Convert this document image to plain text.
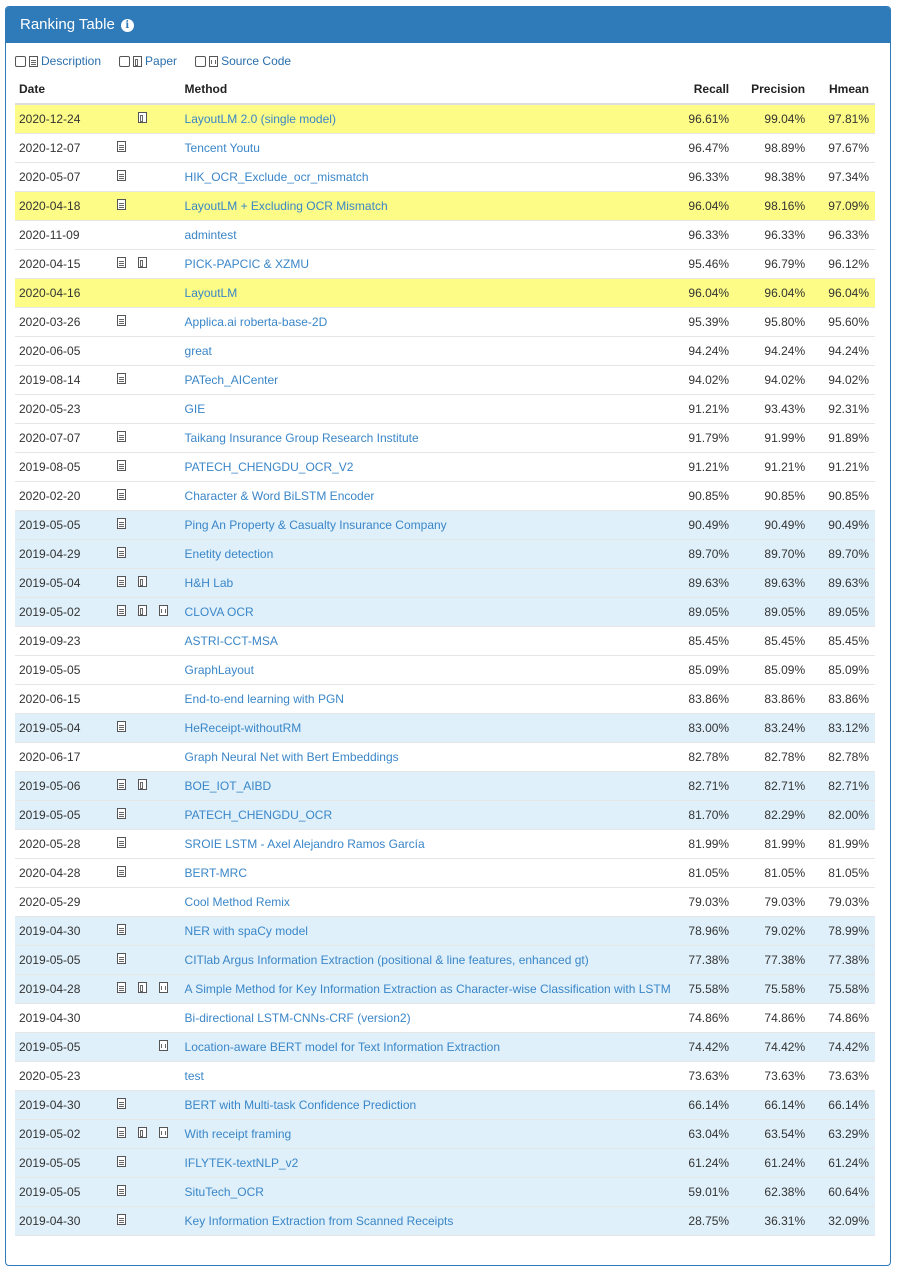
Ranking Table	i
Description	Paper	Source Code
Date		Method	Recall	Precision	Hmean
2020-12-24		LayoutLM 2.0 (single model)	96.61%	99.04%	97.81%
2020-12-07		Tencent Youtu	96.47%	98.89%	97.67%
2020-05-07		HIK_OCR_Exclude_ocr_mismatch	96.33%	98.38%	97.34%
2020-04-18		LayoutLM + Excluding OCR Mismatch	96.04%	98.16%	97.09%
2020-11-09		admintest	96.33%	96.33%	96.33%
2020-04-15		PICK-PAPCIC & XZMU	95.46%	96.79%	96.12%
2020-04-16		LayoutLM	96.04%	96.04%	96.04%
2020-03-26		Applica.ai roberta-base-2D	95.39%	95.80%	95.60%
2020-06-05		great	94.24%	94.24%	94.24%
2019-08-14		PATech_AICenter	94.02%	94.02%	94.02%
2020-05-23		GIE	91.21%	93.43%	92.31%
2020-07-07		Taikang Insurance Group Research Institute	91.79%	91.99%	91.89%
2019-08-05		PATECH_CHENGDU_OCR_V2	91.21%	91.21%	91.21%
2020-02-20		Character & Word BiLSTM Encoder	90.85%	90.85%	90.85%
2019-05-05		Ping An Property & Casualty Insurance Company	90.49%	90.49%	90.49%
2019-04-29		Enetity detection	89.70%	89.70%	89.70%
2019-05-04		H&H Lab	89.63%	89.63%	89.63%
2019-05-02		CLOVA OCR	89.05%	89.05%	89.05%
2019-09-23		ASTRI-CCT-MSA	85.45%	85.45%	85.45%
2019-05-05		GraphLayout	85.09%	85.09%	85.09%
2020-06-15		End-to-end learning with PGN	83.86%	83.86%	83.86%
2019-05-04		HeReceipt-withoutRM	83.00%	83.24%	83.12%
2020-06-17		Graph Neural Net with Bert Embeddings	82.78%	82.78%	82.78%
2019-05-06		BOE_IOT_AIBD	82.71%	82.71%	82.71%
2019-05-05		PATECH_CHENGDU_OCR	81.70%	82.29%	82.00%
2020-05-28		SROIE LSTM - Axel Alejandro Ramos García	81.99%	81.99%	81.99%
2020-04-28		BERT-MRC	81.05%	81.05%	81.05%
2020-05-29		Cool Method Remix	79.03%	79.03%	79.03%
2019-04-30		NER with spaCy model	78.96%	79.02%	78.99%
2019-05-05		CITlab Argus Information Extraction (positional & line features, enhanced gt)	77.38%	77.38%	77.38%
2019-04-28		A Simple Method for Key Information Extraction as Character-wise Classification with LSTM	75.58%	75.58%	75.58%
2019-04-30		Bi-directional LSTM-CNNs-CRF (version2)	74.86%	74.86%	74.86%
2019-05-05		Location-aware BERT model for Text Information Extraction	74.42%	74.42%	74.42%
2020-05-23		test	73.63%	73.63%	73.63%
2019-04-30		BERT with Multi-task Confidence Prediction	66.14%	66.14%	66.14%
2019-05-02		With receipt framing	63.04%	63.54%	63.29%
2019-05-05		IFLYTEK-textNLP_v2	61.24%	61.24%	61.24%
2019-05-05		SituTech_OCR	59.01%	62.38%	60.64%
2019-04-30		Key Information Extraction from Scanned Receipts	28.75%	36.31%	32.09%
